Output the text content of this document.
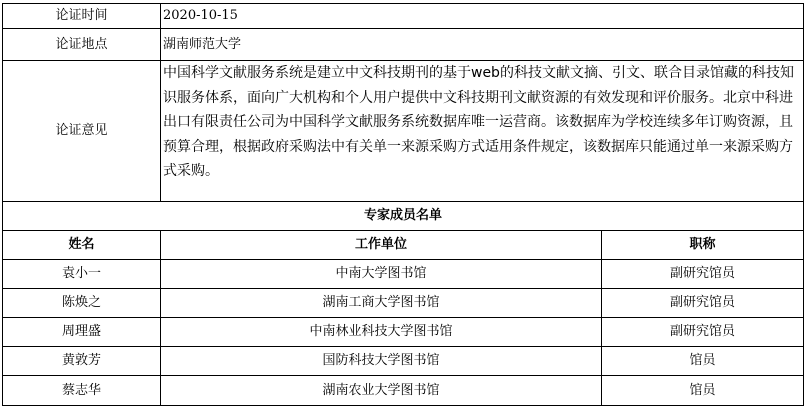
论证时间	2020-10-15	
论证地点	湖南师范大学	
论证意见	中国科学文献服务系统是建立中文科技期刊的基于web的科技文献文摘、引文、联合目录馆藏的科技知识服务体系，面向广大机构和个人用户提供中文科技期刊文献资源的有效发现和评价服务。北京中科进出口有限责任公司为中国科学文献服务系统数据库唯一运营商。该数据库为学校连续多年订购资源，且预算合理，根据政府采购法中有关单一来源采购方式适用条件规定，该数据库只能通过单一来源采购方式采购。	
专家成员名单		
姓名	工作单位	职称
袁小一	中南大学图书馆	副研究馆员
陈焕之	湖南工商大学图书馆	副研究馆员
周理盛	中南林业科技大学图书馆	副研究馆员
黄敦芳	国防科技大学图书馆	馆员
蔡志华	湖南农业大学图书馆	馆员
